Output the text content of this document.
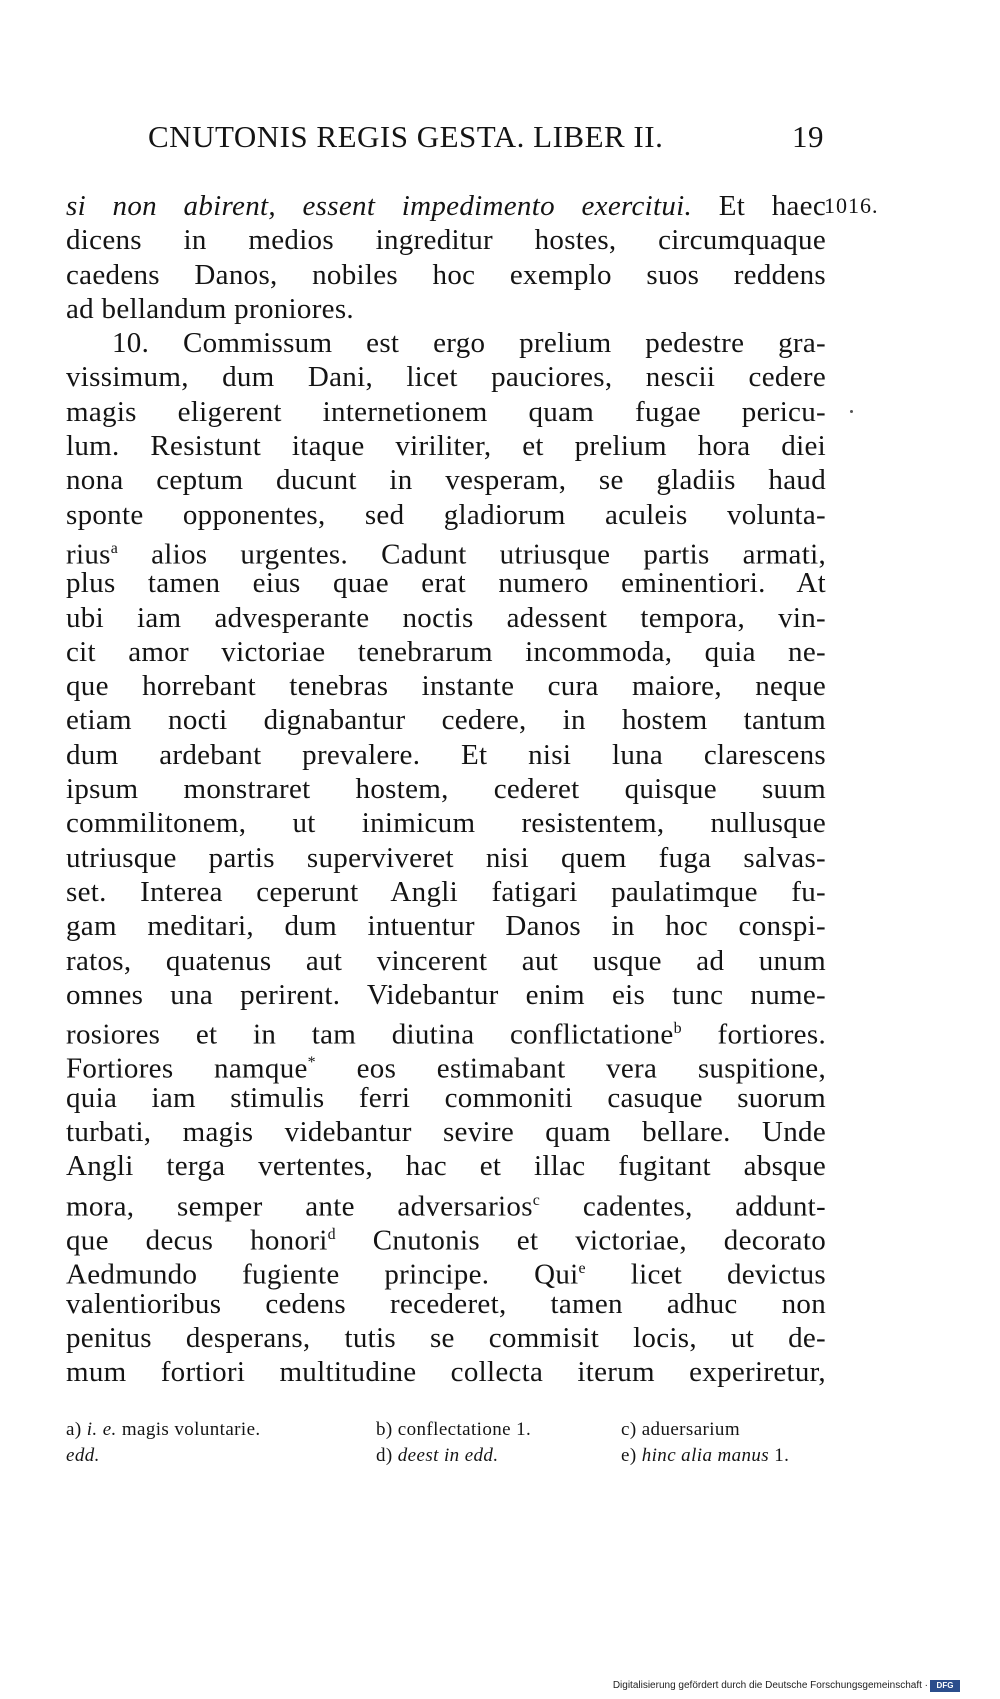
CNUTONIS REGIS GESTA. LIBER II.	19
1016.
si non abirent, essent impedimento exercitui. Et haec
dicens in medios ingreditur hostes, circumquaque
caedens Danos, nobiles hoc exemplo suos reddens
ad bellandum proniores.
10. Commissum est ergo prelium pedestre gra-
vissimum, dum Dani, licet pauciores, nescii cedere
magis eligerent internetionem quam fugae pericu-
lum. Resistunt itaque viriliter, et prelium hora diei
nona ceptum ducunt in vesperam, se gladiis haud
sponte opponentes, sed gladiorum aculeis volunta-
rius$^a$ alios urgentes. Cadunt utriusque partis armati,
plus tamen eius quae erat numero eminentiori. At
ubi iam advesperante noctis adessent tempora, vin-
cit amor victoriae tenebrarum incommoda, quia ne-
que horrebant tenebras instante cura maiore, neque
etiam nocti dignabantur cedere, in hostem tantum
dum ardebant prevalere. Et nisi luna clarescens
ipsum monstraret hostem, cederet quisque suum
commilitonem, ut inimicum resistentem, nullusque
utriusque partis superviveret nisi quem fuga salvas-
set. Interea ceperunt Angli fatigari paulatimque fu-
gam meditari, dum intuentur Danos in hoc conspi-
ratos, quatenus aut vincerent aut usque ad unum
omnes una perirent. Videbantur enim eis tunc nume-
rosiores et in tam diutina conflictatione$^b$ fortiores.
Fortiores namque* eos estimabant vera suspitione,
quia iam stimulis ferri commoniti casuque suorum
turbati, magis videbantur sevire quam bellare. Unde
Angli terga vertentes, hac et illac fugitant absque
mora, semper ante adversarios$^c$ cadentes, addunt-
que decus honori$^d$ Cnutonis et victoriae, decorato
Aedmundo fugiente principe. Qui$^e$ licet devictus
valentioribus cedens recederet, tamen adhuc non
penitus desperans, tutis se commisit locis, ut de-
mum fortiori multitudine collecta iterum experiretur,
a) i. e. magis voluntarie.	b) conflectatione 1.	c) aduersarium
edd.	d) deest in edd.	e) hinc alia manus 1.
Digitalisierung gefördert durch die Deutsche Forschungsgemeinschaft ·	DFG
